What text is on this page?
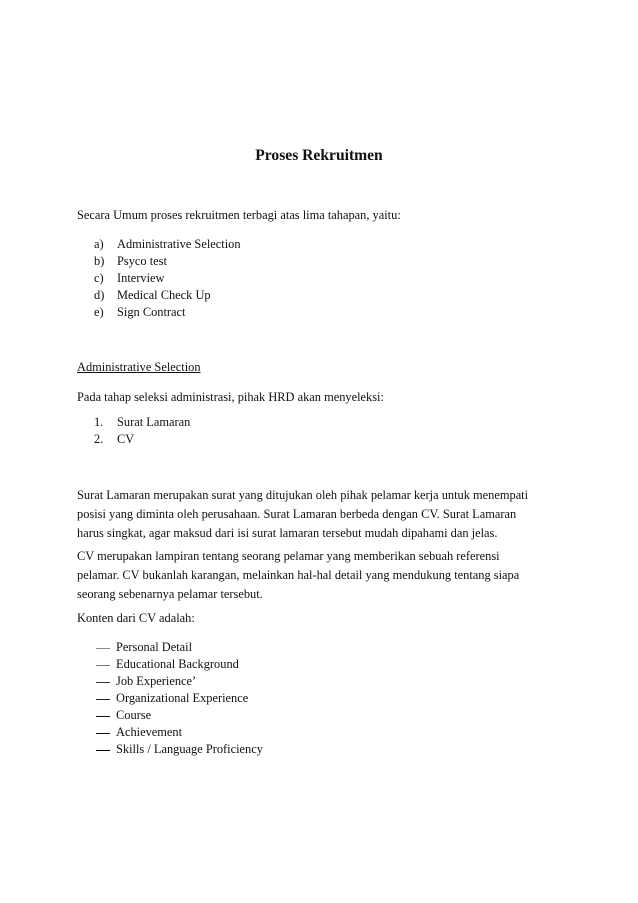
Proses Rekruitmen

Secara Umum proses rekruitmen terbagi atas lima tahapan, yaitu:

a) Administrative Selection
b) Psyco test
c) Interview
d) Medical Check Up
e) Sign Contract

Administrative Selection

Pada tahap seleksi administrasi, pihak HRD akan menyeleksi:

1. Surat Lamaran
2. CV

Surat Lamaran merupakan surat yang ditujukan oleh pihak pelamar kerja untuk menempati
posisi yang diminta oleh perusahaan. Surat Lamaran berbeda dengan CV. Surat Lamaran
harus singkat, agar maksud dari isi surat lamaran tersebut mudah dipahami dan jelas.

CV merupakan lampiran tentang seorang pelamar yang memberikan sebuah referensi
pelamar. CV bukanlah karangan, melainkan hal-hal detail yang mendukung tentang siapa
seorang sebenarnya pelamar tersebut.

Konten dari CV adalah:

Personal Detail
Educational Background
Job Experience’
Organizational Experience
Course
Achievement
Skills / Language Proficiency
